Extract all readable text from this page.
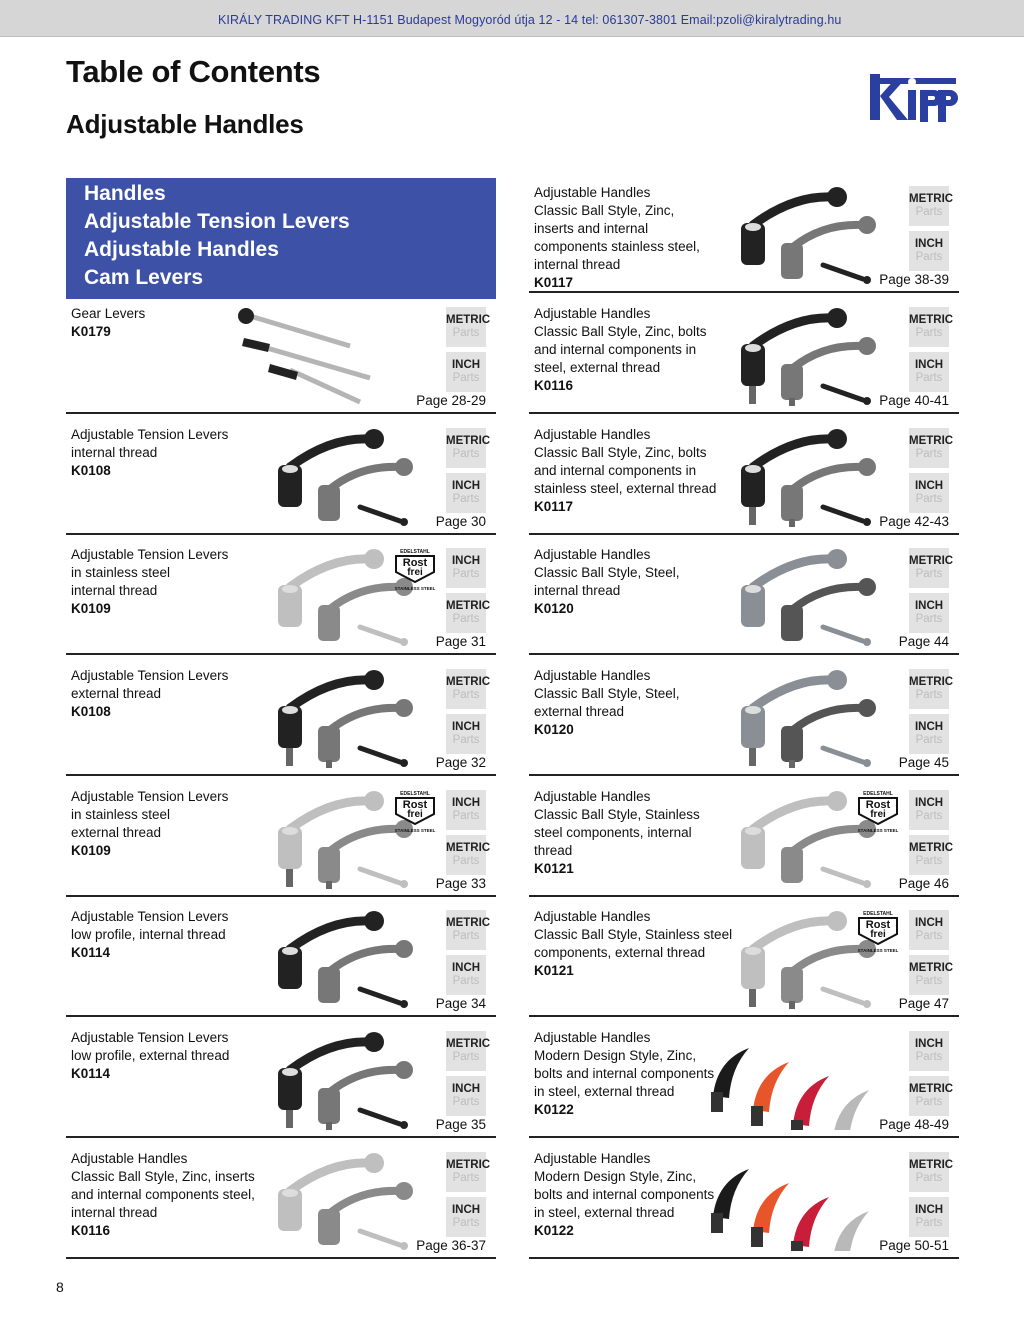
KIRÁLY TRADING KFT H-1151 Budapest Mogyoród útja 12 - 14 tel: 061307-3801 Email:pzoli@kiralytrading.hu
Table of Contents
Adjustable Handles
Handles
Adjustable Tension Levers
Adjustable Handles
Cam Levers
Gear Levers
K0179
METRIC
Parts
INCH
Parts
Page 28-29
Adjustable Tension Levers
internal thread
K0108
METRIC
Parts
INCH
Parts
Page 30
Adjustable Tension Levers
in stainless steel
internal thread
K0109
EDELSTAHL
Rost
frei
STAINLESS STEEL
INCH
Parts
METRIC
Parts
Page 31
Adjustable Tension Levers
external thread
K0108
METRIC
Parts
INCH
Parts
Page 32
Adjustable Tension Levers
in stainless steel
external thread
K0109
EDELSTAHL
Rost
frei
STAINLESS STEEL
INCH
Parts
METRIC
Parts
Page 33
Adjustable Tension Levers
low profile, internal thread
K0114
METRIC
Parts
INCH
Parts
Page 34
Adjustable Tension Levers
low profile, external thread
K0114
METRIC
Parts
INCH
Parts
Page 35
Adjustable Handles
Classic Ball Style, Zinc, inserts
and internal components steel,
internal thread
K0116
METRIC
Parts
INCH
Parts
Page 36-37
Adjustable Handles
Classic Ball Style, Zinc,
inserts and internal
components stainless steel,
internal thread
K0117
METRIC
Parts
INCH
Parts
Page 38-39
Adjustable Handles
Classic Ball Style, Zinc, bolts
and internal components in
steel, external thread
K0116
METRIC
Parts
INCH
Parts
Page 40-41
Adjustable Handles
Classic Ball Style, Zinc, bolts
and internal components in
stainless steel, external thread
K0117
METRIC
Parts
INCH
Parts
Page 42-43
Adjustable Handles
Classic Ball Style, Steel,
internal thread
K0120
METRIC
Parts
INCH
Parts
Page 44
Adjustable Handles
Classic Ball Style, Steel,
external thread
K0120
METRIC
Parts
INCH
Parts
Page 45
Adjustable Handles
Classic Ball Style, Stainless
steel components, internal
thread
K0121
EDELSTAHL
Rost
frei
STAINLESS STEEL
INCH
Parts
METRIC
Parts
Page 46
Adjustable Handles
Classic Ball Style, Stainless steel
components, external thread
K0121
EDELSTAHL
Rost
frei
STAINLESS STEEL
INCH
Parts
METRIC
Parts
Page 47
Adjustable Handles
Modern Design Style, Zinc,
bolts and internal components
in steel, external thread
K0122
INCH
Parts
METRIC
Parts
Page 48-49
Adjustable Handles
Modern Design Style, Zinc,
bolts and internal components
in steel, external thread
K0122
METRIC
Parts
INCH
Parts
Page 50-51
8
